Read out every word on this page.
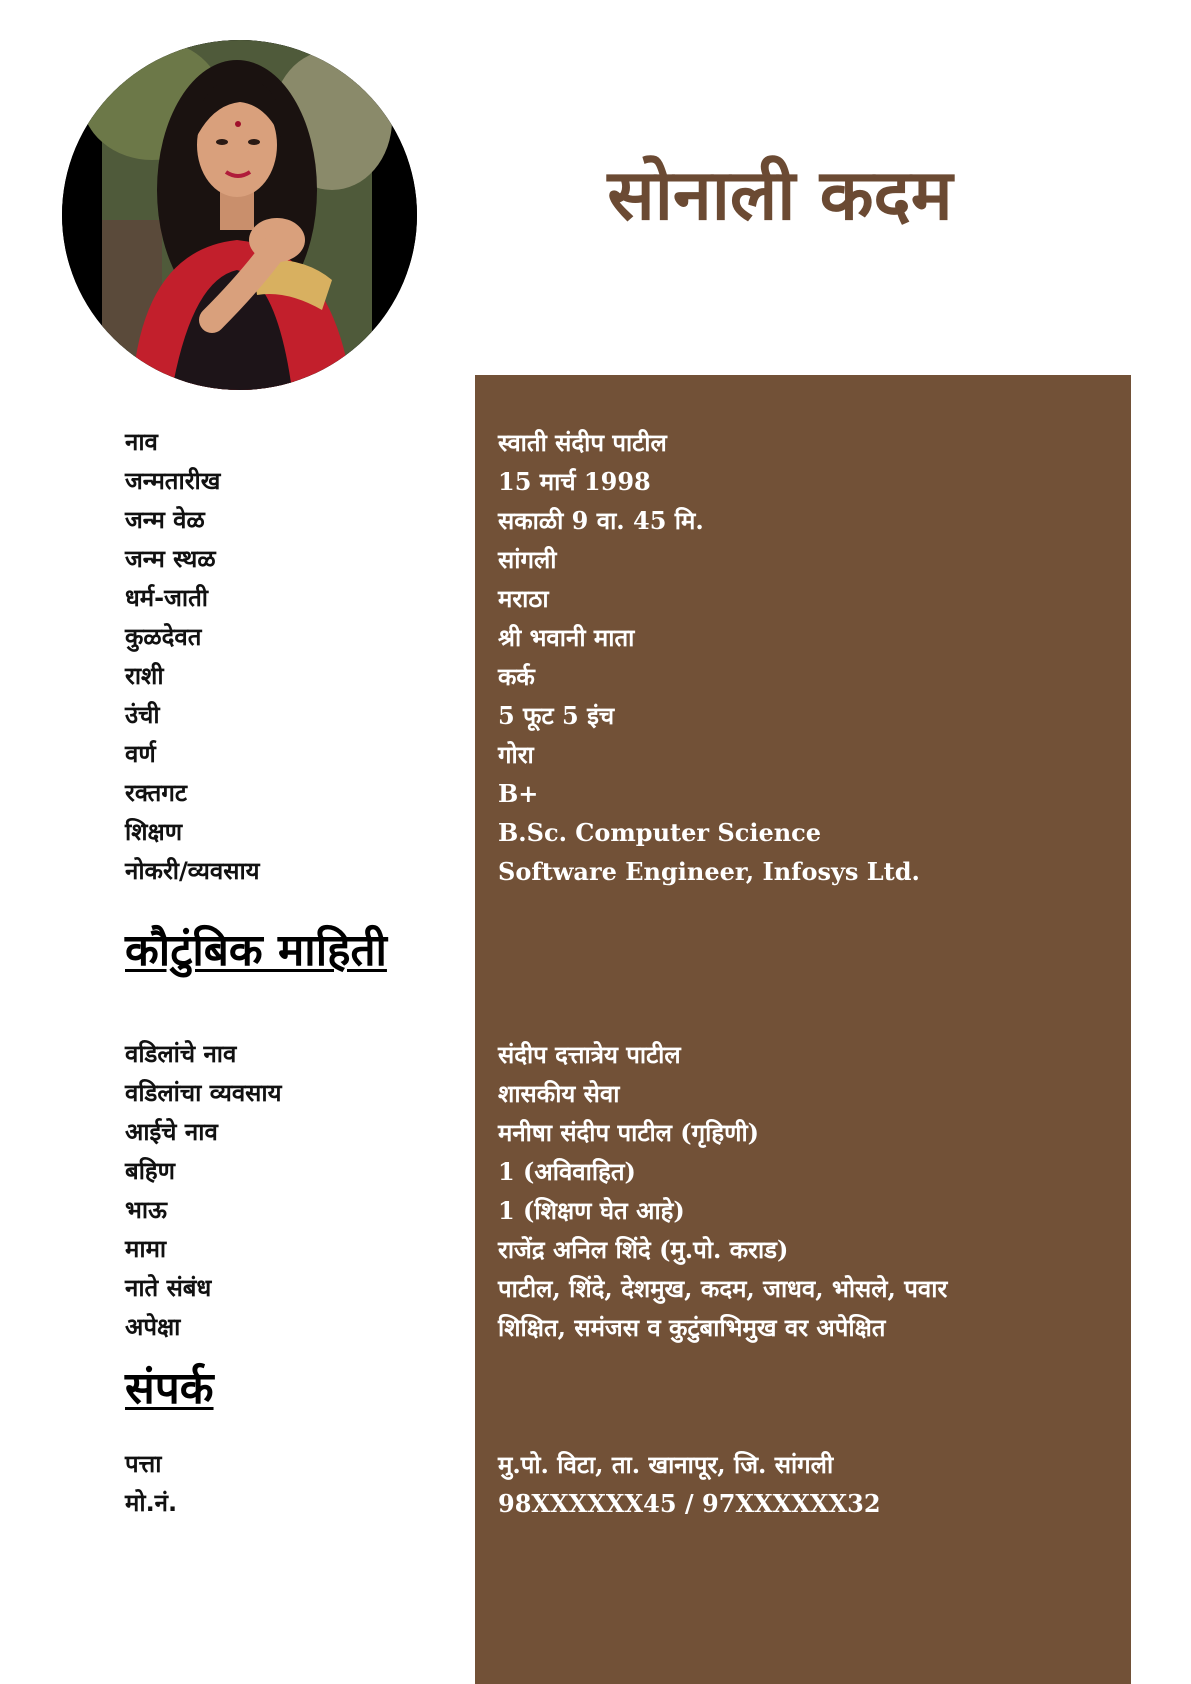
सोनाली कदम
नाव	स्वाती संदीप पाटील
जन्मतारीख	15 मार्च 1998
जन्म वेळ	सकाळी 9 वा. 45 मि.
जन्म स्थळ	सांगली
धर्म-जाती	मराठा
कुळदेवत	श्री भवानी माता
राशी	कर्क
उंची	5 फूट 5 इंच
वर्ण	गोरा
रक्तगट	B+
शिक्षण	B.Sc. Computer Science
नोकरी/व्यवसाय	Software Engineer, Infosys Ltd.
कौटुंबिक माहिती
वडिलांचे नाव	संदीप दत्तात्रेय पाटील
वडिलांचा व्यवसाय	शासकीय सेवा
आईचे नाव	मनीषा संदीप पाटील (गृहिणी)
बहिण	1 (अविवाहित)
भाऊ	1 (शिक्षण घेत आहे)
मामा	राजेंद्र अनिल शिंदे (मु.पो. कराड)
नाते संबंध	पाटील, शिंदे, देशमुख, कदम, जाधव, भोसले, पवार
अपेक्षा	शिक्षित, समंजस व कुटुंबाभिमुख वर अपेक्षित
संपर्क
पत्ता	मु.पो. विटा, ता. खानापूर, जि. सांगली
मो.नं.	98XXXXXX45 / 97XXXXXX32
